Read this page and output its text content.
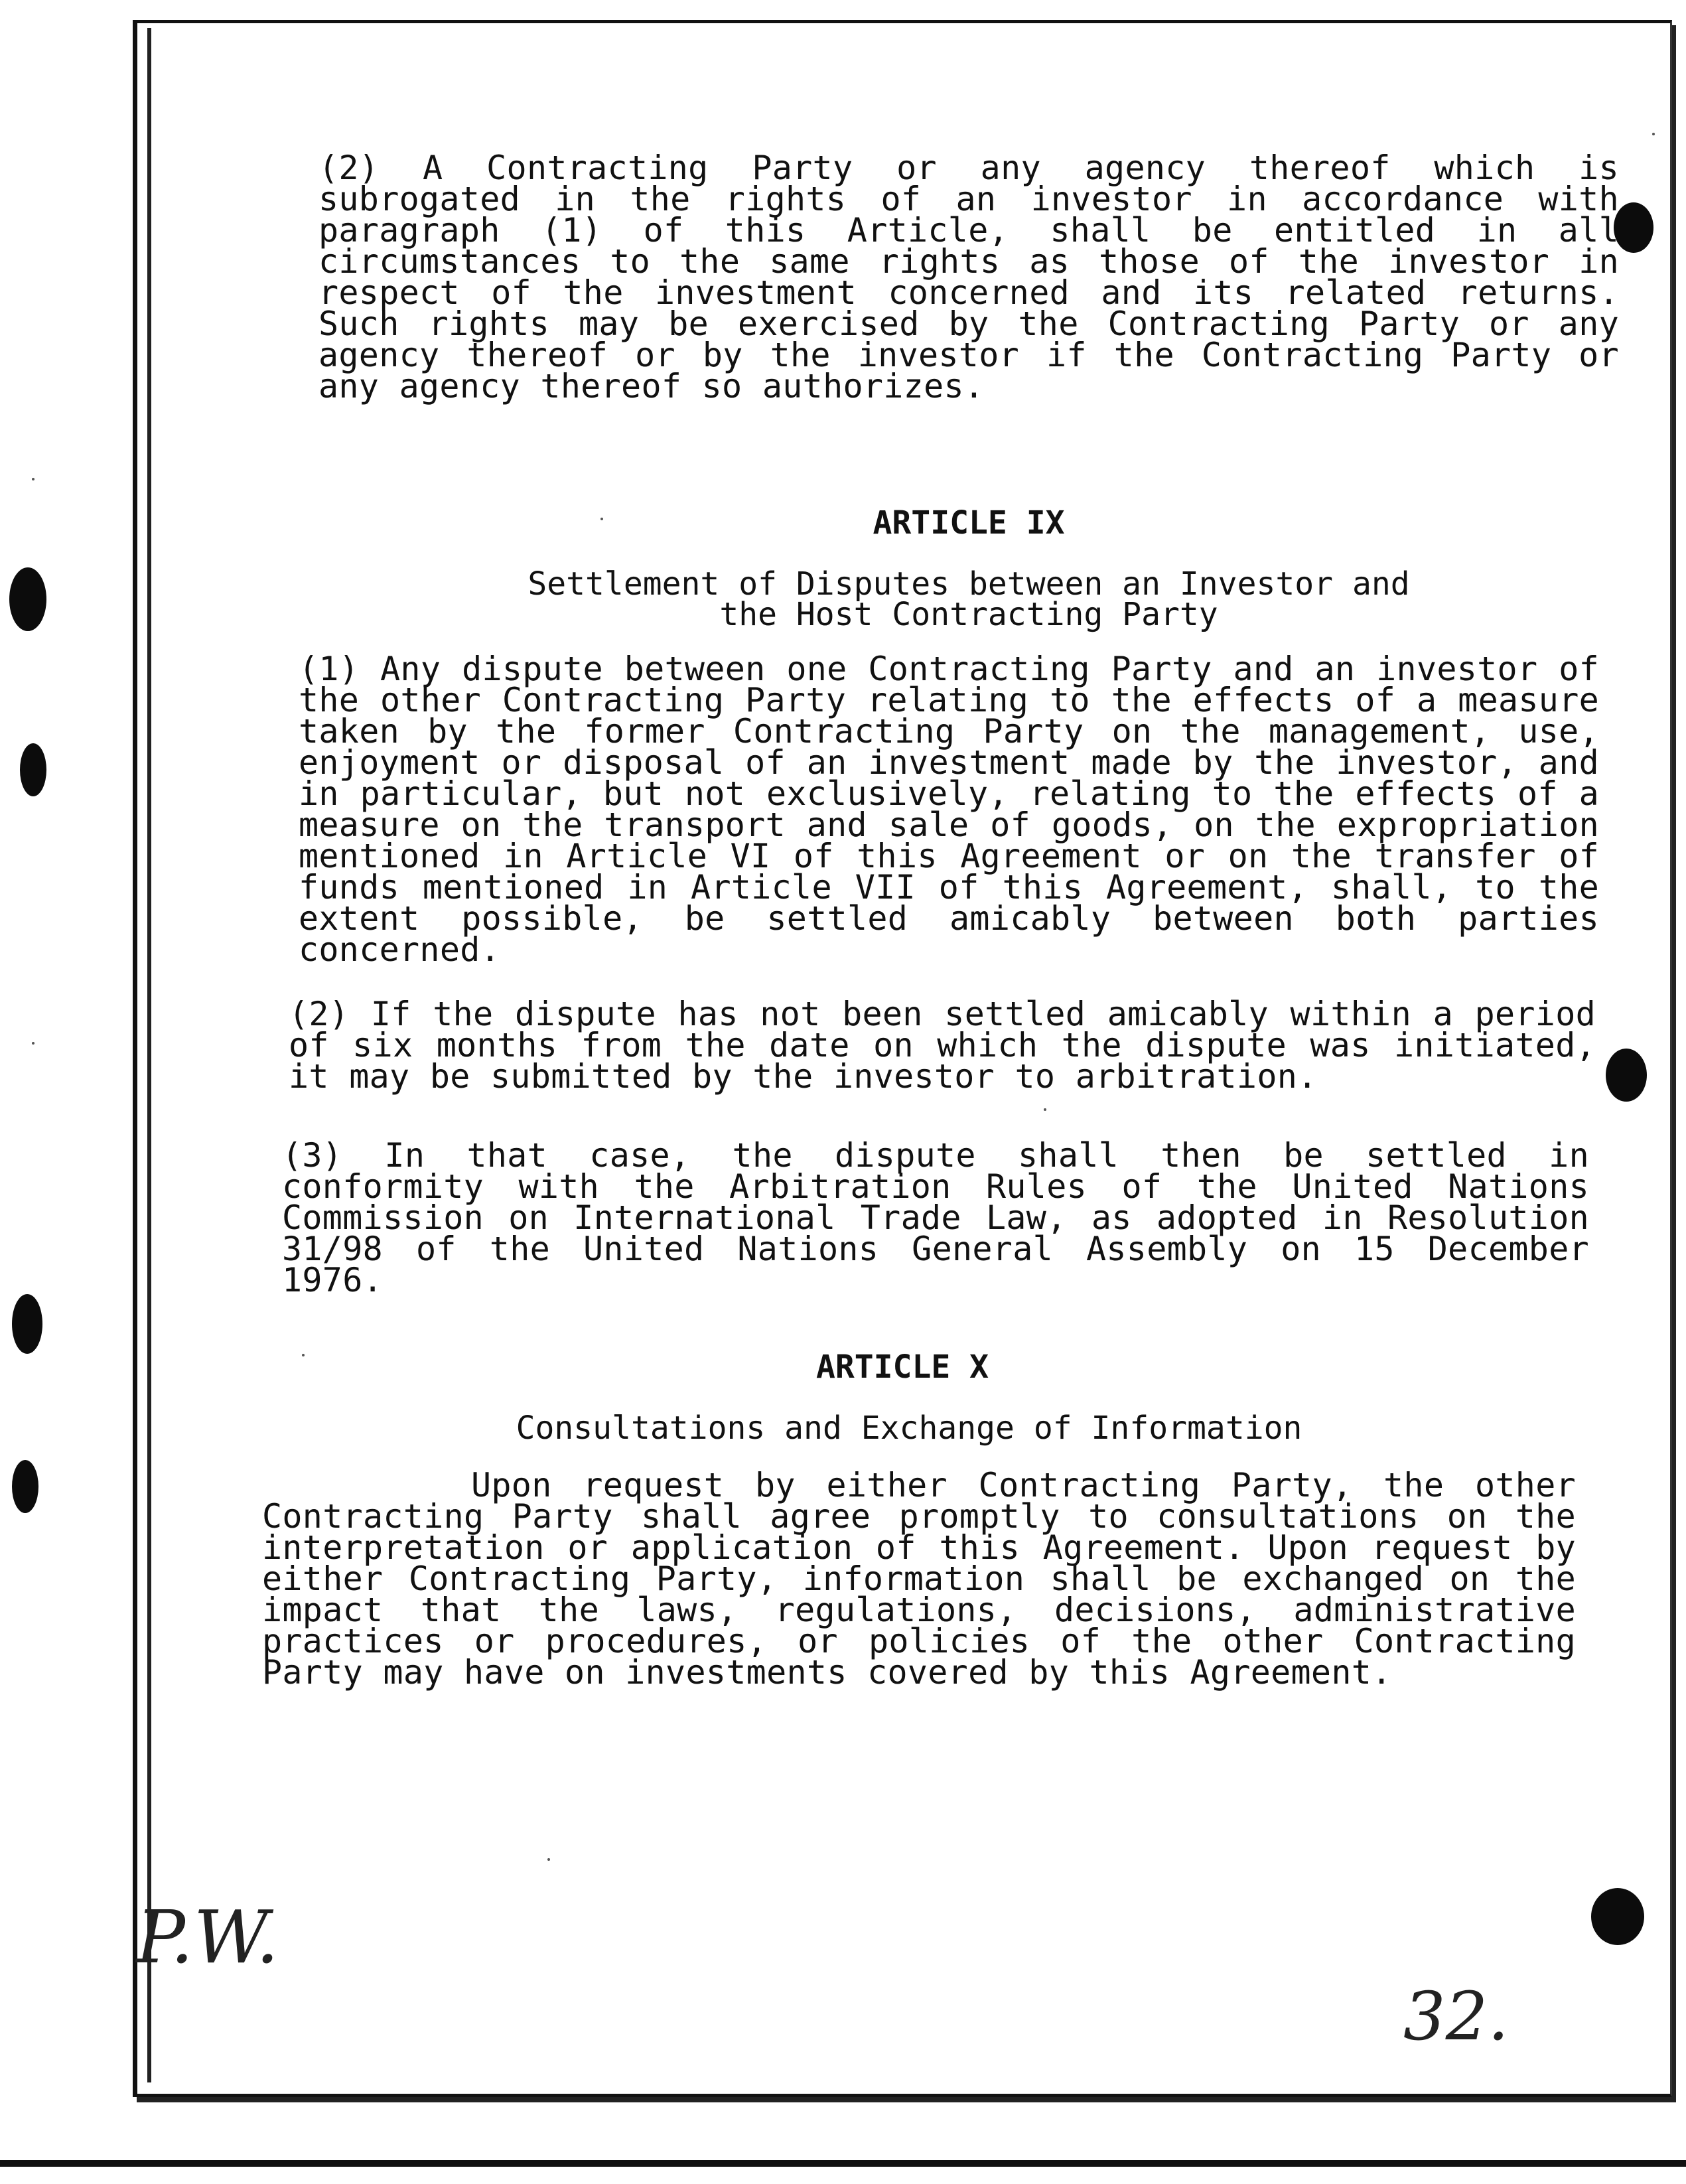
(2) A Contracting Party or any agency thereof which is subrogated in the rights of an investor in accordance with paragraph (1) of this Article, shall be entitled in all circumstances to the same rights as those of the investor in respect of the investment concerned and its related returns. Such rights may be exercised by the Contracting Party or any agency thereof or by the investor if the Contracting Party or any agency thereof so authorizes.

ARTICLE IX
Settlement of Disputes between an Investor and
the Host Contracting Party

(1) Any dispute between one Contracting Party and an investor of the other Contracting Party relating to the effects of a measure taken by the former Contracting Party on the management, use, enjoyment or disposal of an investment made by the investor, and in particular, but not exclusively, relating to the effects of a measure on the transport and sale of goods, on the expropriation mentioned in Article VI of this Agreement or on the transfer of funds mentioned in Article VII of this Agreement, shall, to the extent possible, be settled amicably between both parties concerned.

(2) If the dispute has not been settled amicably within a period of six months from the date on which the dispute was initiated, it may be submitted by the investor to arbitration.

(3) In that case, the dispute shall then be settled in conformity with the Arbitration Rules of the United Nations Commission on International Trade Law, as adopted in Resolution 31/98 of the United Nations General Assembly on 15 December 1976.

ARTICLE X
Consultations and Exchange of Information

Upon request by either Contracting Party, the other Contracting Party shall agree promptly to consultations on the interpretation or application of this Agreement. Upon request by either Contracting Party, information shall be exchanged on the impact that the laws, regulations, decisions, administrative practices or procedures, or policies of the other Contracting Party may have on investments covered by this Agreement.

P.W.
32.
